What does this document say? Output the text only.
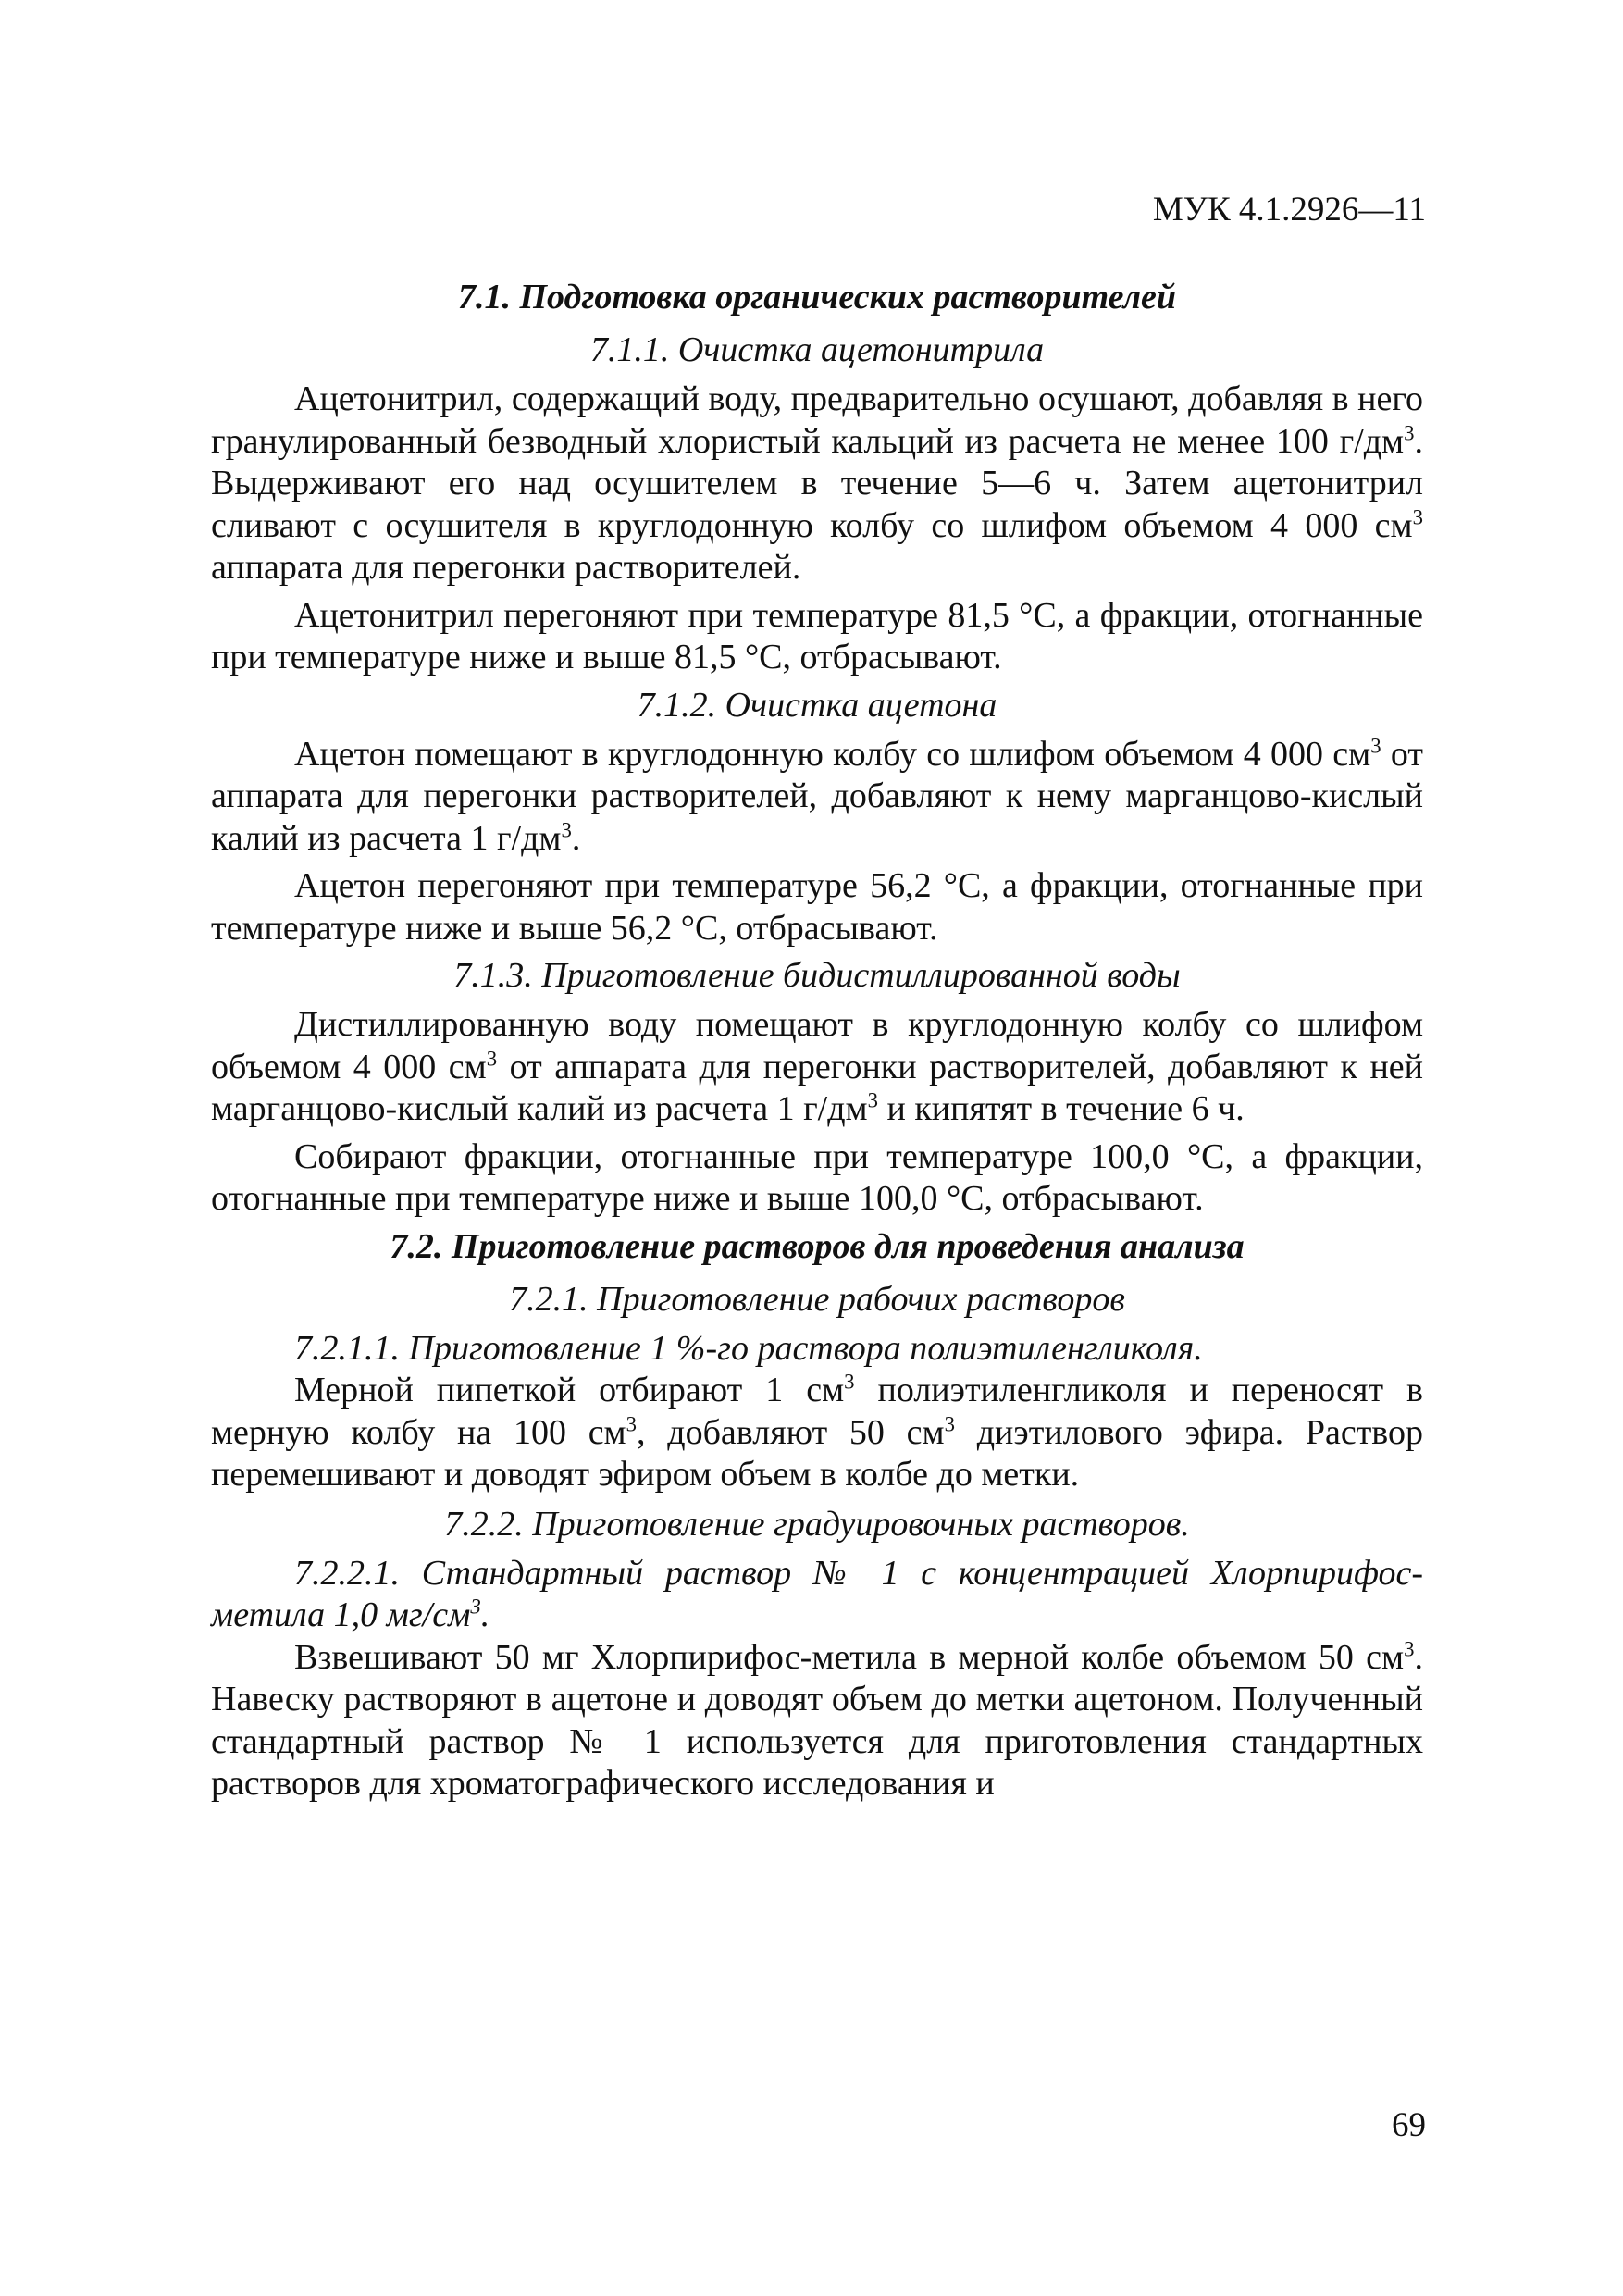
МУК 4.1.2926—11
7.1. Подготовка органических растворителей
7.1.1. Очистка ацетонитрила

Ацетонитрил, содержащий воду, предварительно осушают, добавляя в него гранулированный безводный хлористый кальций из расчета не менее 100 $г/дм^3$. Выдерживают его над осушителем в течение 5—6 ч. Затем ацетонитрил сливают с осушителя в круглодонную колбу со шлифом объемом 4 000 $см^3$ аппарата для перегонки растворителей.

Ацетонитрил перегоняют при температуре 81,5 °С, а фракции, отогнанные при температуре ниже и выше 81,5 °С, отбрасывают.

7.1.2. Очистка ацетона

Ацетон помещают в круглодонную колбу со шлифом объемом 4 000 $см^3$ от аппарата для перегонки растворителей, добавляют к нему марганцово-кислый калий из расчета 1 $г/дм^3$.

Ацетон перегоняют при температуре 56,2 °С, а фракции, отогнанные при температуре ниже и выше 56,2 °С, отбрасывают.

7.1.3. Приготовление бидистиллированной воды

Дистиллированную воду помещают в круглодонную колбу со шлифом объемом 4 000 $см^3$ от аппарата для перегонки растворителей, добавляют к ней марганцово-кислый калий из расчета 1 $г/дм^3$ и кипятят в течение 6 ч.

Собирают фракции, отогнанные при температуре 100,0 °С, а фракции, отогнанные при температуре ниже и выше 100,0 °С, отбрасывают.

7.2. Приготовление растворов для проведения анализа
7.2.1. Приготовление рабочих растворов

7.2.1.1. Приготовление 1 %-го раствора полиэтиленгликоля.

Мерной пипеткой отбирают 1 $см^3$ полиэтиленгликоля и переносят в мерную колбу на 100 $см^3$, добавляют 50 $см^3$ диэтилового эфира. Раствор перемешивают и доводят эфиром объем в колбе до метки.

7.2.2. Приготовление градуировочных растворов.

7.2.2.1. Стандартный раствор № 1 с концентрацией Хлорпирифос-метила 1,0 $мг/см^3$.

Взвешивают 50 мг Хлорпирифос-метила в мерной колбе объемом 50 $см^3$. Навеску растворяют в ацетоне и доводят объем до метки ацетоном. Полученный стандартный раствор № 1 используется для приготовления стандартных растворов для хроматографического исследования и

69
